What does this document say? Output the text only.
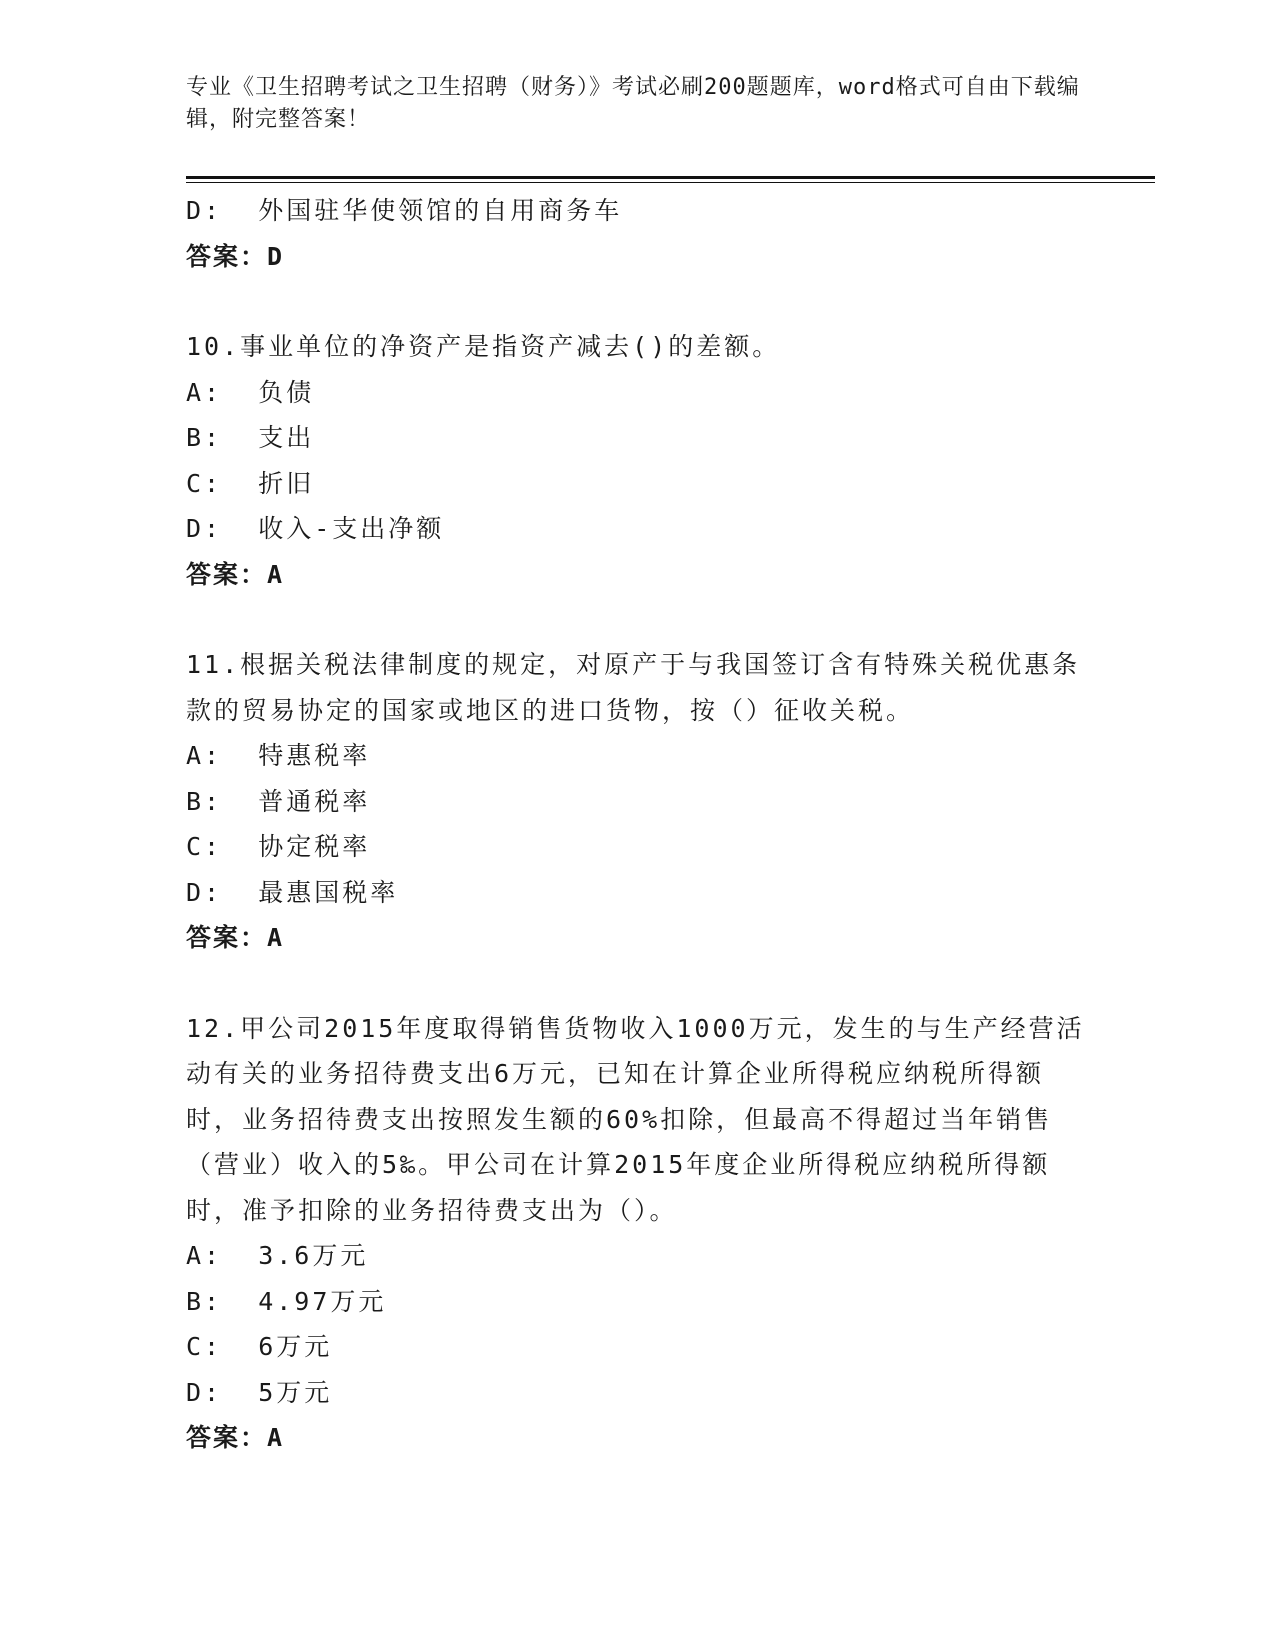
专业《卫生招聘考试之卫生招聘（财务）》考试必刷200题题库，word格式可自由下载编辑，附完整答案！
D:  外国驻华使领馆的自用商务车
答案：D
10.事业单位的净资产是指资产减去()的差额。
A:  负债
B:  支出
C:  折旧
D:  收入-支出净额
答案：A
11.根据关税法律制度的规定，对原产于与我国签订含有特殊关税优惠条款的贸易协定的国家或地区的进口货物，按（）征收关税。
A:  特惠税率
B:  普通税率
C:  协定税率
D:  最惠国税率
答案：A
12.甲公司2015年度取得销售货物收入1000万元，发生的与生产经营活动有关的业务招待费支出6万元，已知在计算企业所得税应纳税所得额时，业务招待费支出按照发生额的60%扣除，但最高不得超过当年销售（营业）收入的5‰。甲公司在计算2015年度企业所得税应纳税所得额时，准予扣除的业务招待费支出为（）。
A:  3.6万元
B:  4.97万元
C:  6万元
D:  5万元
答案：A
